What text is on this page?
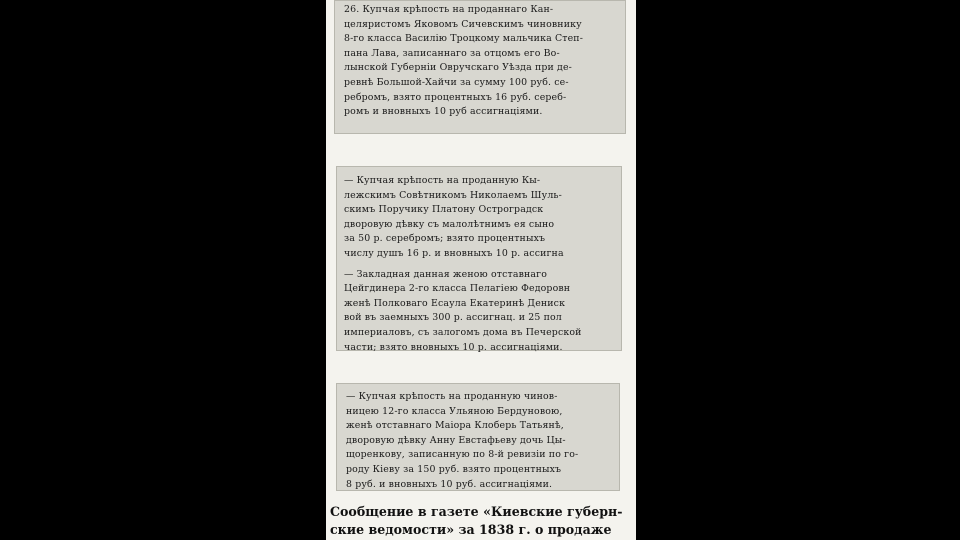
26. Купчая крѣпость на проданнаго Кан-
целяристомъ Яковомъ Сичевскимъ чиновнику
8-го класса Василію Троцкому мальчика Степ-
пана Лава, записаннаго за отцомъ его Во-
лынской Губерніи Овручскаго Уѣзда при де-
ревнѣ Большой-Хайчи за сумму 100 руб. се-
ребромъ, взято процентныхъ 16 руб. сереб-
ромъ и вновныхъ 10 руб ассигнаціями.
— Купчая крѣпость на проданную Кы-
лежскимъ Совѣтникомъ Николаемъ Шуль-
скимъ Поручику Платону Остроградск
дворовую дѣвку съ малолѣтнимъ ея сыно
за 50 р. серебромъ; взято процентныхъ
числу душъ 16 р. и вновныхъ 10 р. ассигна
— Закладная данная женою отставнаго
Цейгдинера 2-го класса Пелагіею Федоровн
женѣ Полковаго Есаула Екатеринѣ Дениск
вой въ заемныхъ 300 р. ассигнац. и 25 пол
империаловъ, съ залогомъ дома въ Печерской
части; взято вновныхъ 10 р. ассигнаціями.
— Купчая крѣпость на проданную чинов-
ницею 12-го класса Ульяною Бердуновою,
женѣ отставнаго Маіора Клоберь Татьянѣ,
дворовую дѣвку Анну Евстафьеву дочь Цы-
щоренкову, записанную по 8-й ревизіи по го-
роду Кіеву за 150 руб. взято процентныхъ
8 руб. и вновныхъ 10 руб. ассигнаціями.
Сообщение в газете «Киевские губерн-
ские ведомости» за 1838 г. о продаже
